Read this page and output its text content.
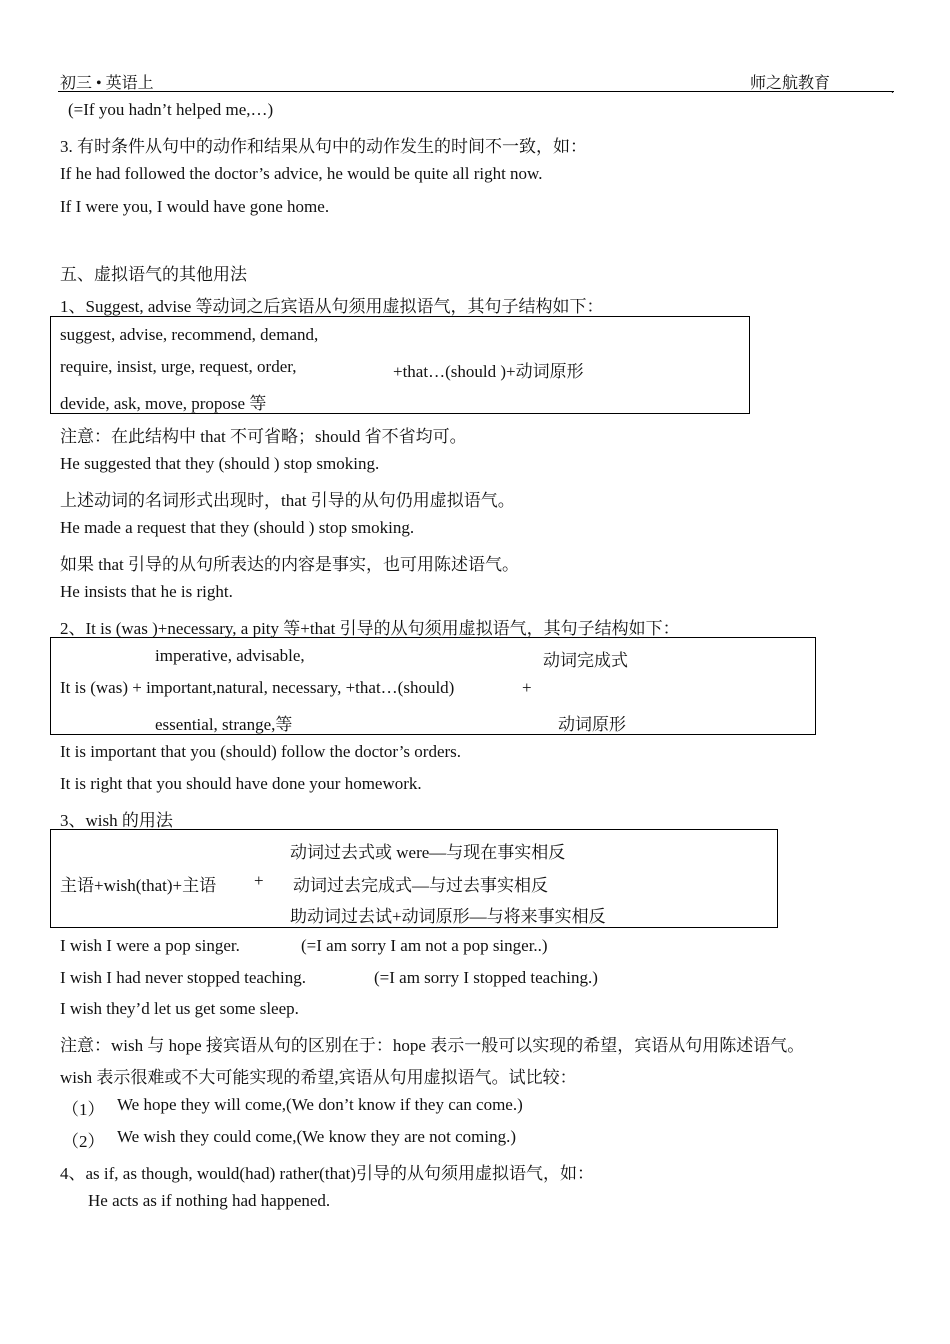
初三 • 英语上	师之航教育	.
(=If you hadn’t helped me,…)
3. 有时条件从句中的动作和结果从句中的动作发生的时间不一致，如：
If he had followed the doctor’s advice, he would be quite all right now.
If I were you, I would have gone home.
五、虚拟语气的其他用法
1、Suggest, advise 等动词之后宾语从句须用虚拟语气，其句子结构如下：
suggest, advise, recommend, demand,
require, insist, urge, request, order,	+that…(should )+动词原形
devide, ask, move, propose 等
注意：在此结构中 that 不可省略；should 省不省均可。
He suggested that they (should ) stop smoking.
上述动词的名词形式出现时，that 引导的从句仍用虚拟语气。
He made a request that they (should ) stop smoking.
如果 that 引导的从句所表达的内容是事实，也可用陈述语气。
He insists that he is right.
2、It is (was )+necessary, a pity 等+that 引导的从句须用虚拟语气，其句子结构如下：
imperative, advisable,	动词完成式
It is (was) + important,natural, necessary, +that…(should)	+
essential, strange,等	动词原形
It is important that you (should) follow the doctor’s orders.
It is right that you should have done your homework.
3、wish 的用法
主语+wish(that)+主语 +
动词过去式或 were—与现在事实相反
动词过去完成式—与过去事实相反
助动词过去试+动词原形—与将来事实相反
I wish I were a pop singer.	(=I am sorry I am not a pop singer..)
I wish I had never stopped teaching.	(=I am sorry I stopped teaching.)
I wish they’d let us get some sleep.
注意：wish 与 hope 接宾语从句的区别在于：hope 表示一般可以实现的希望，宾语从句用陈述语气。
wish 表示很难或不大可能实现的希望,宾语从句用虚拟语气。试比较：
（1） We hope they will come,(We don’t know if they can come.)
（2） We wish they could come,(We know they are not coming.)
4、as if, as though, would(had) rather(that)引导的从句须用虚拟语气，如：
He acts as if nothing had happened.
